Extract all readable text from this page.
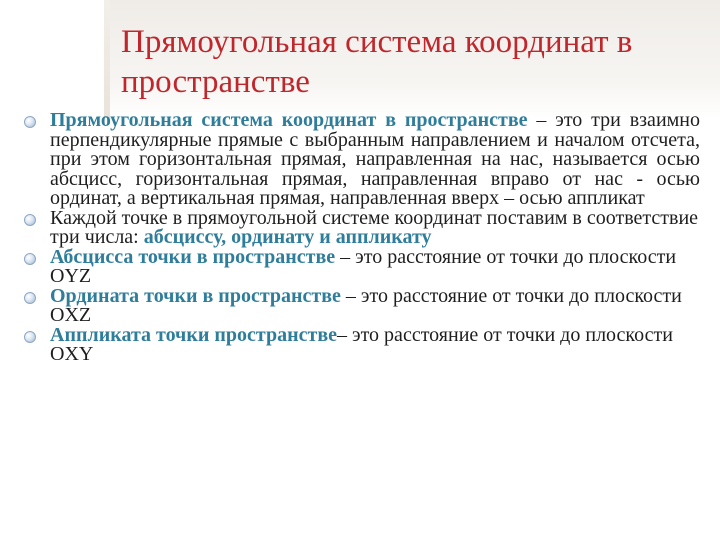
Прямоугольная система координат в пространстве
Прямоугольная система координат в пространстве – это три взаимно перпендикулярные прямые с выбранным направлением и началом отсчета, при этом горизонтальная прямая, направленная на нас, называется осью абсцисс, горизонтальная прямая, направленная вправо от нас - осью ординат, а вертикальная прямая, направленная вверх – осью аппликат
Каждой точке в прямоугольной системе координат поставим в соответствие три числа: абсциссу, ординату и аппликату
Абсцисса точки в пространстве – это расстояние от точки до плоскости OYZ
Ордината точки в пространстве – это расстояние от точки до плоскости OXZ
Аппликата точки пространстве– это расстояние от точки до плоскости OXY
